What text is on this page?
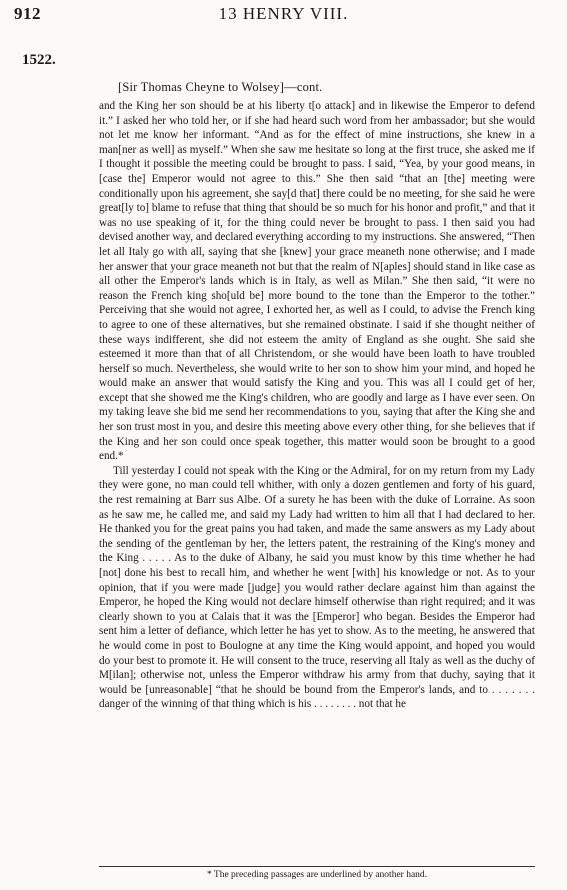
912	13 HENRY VIII.
1522.
[Sir Thomas Cheyne to Wolsey]—cont.

and the King her son should be at his liberty t[o attack] and in likewise the Emperor to defend it.” I asked her who told her, or if she had heard such word from her ambassador; but she would not let me know her informant. “And as for the effect of mine instructions, she knew in a man[ner as well] as myself.” When she saw me hesitate so long at the first truce, she asked me if I thought it possible the meeting could be brought to pass. I said, “Yea, by your good means, in [case the] Emperor would not agree to this.” She then said “that an [the] meeting were conditionally upon his agreement, she say[d that] there could be no meeting, for she said he were great[ly to] blame to refuse that thing that should be so much for his honor and profit,” and that it was no use speaking of it, for the thing could never be brought to pass. I then said you had devised another way, and declared everything according to my instructions. She answered, “Then let all Italy go with all, saying that she [knew] your grace meaneth none otherwise; and I made her answer that your grace meaneth not but that the realm of N[aples] should stand in like case as all other the Emperor's lands which is in Italy, as well as Milan.” She then said, “it were no reason the French king sho[uld be] more bound to the tone than the Emperor to the tother.” Perceiving that she would not agree, I exhorted her, as well as I could, to advise the French king to agree to one of these alternatives, but she remained obstinate. I said if she thought neither of these ways indifferent, she did not esteem the amity of England as she ought. She said she esteemed it more than that of all Christendom, or she would have been loath to have troubled herself so much. Nevertheless, she would write to her son to show him your mind, and hoped he would make an answer that would satisfy the King and you. This was all I could get of her, except that she showed me the King's children, who are goodly and large as I have ever seen. On my taking leave she bid me send her recommendations to you, saying that after the King she and her son trust most in you, and desire this meeting above every other thing, for she believes that if the King and her son could once speak together, this matter would soon be brought to a good end.*

Till yesterday I could not speak with the King or the Admiral, for on my return from my Lady they were gone, no man could tell whither, with only a dozen gentlemen and forty of his guard, the rest remaining at Barr sus Albe. Of a surety he has been with the duke of Lorraine. As soon as he saw me, he called me, and said my Lady had written to him all that I had declared to her. He thanked you for the great pains you had taken, and made the same answers as my Lady about the sending of the gentleman by her, the letters patent, the restraining of the King's money and the King . . . . . As to the duke of Albany, he said you must know by this time whether he had [not] done his best to recall him, and whether he went [with] his knowledge or not. As to your opinion, that if you were made [judge] you would rather declare against him than against the Emperor, he hoped the King would not declare himself otherwise than right required; and it was clearly shown to you at Calais that it was the [Emperor] who began. Besides the Emperor had sent him a letter of defiance, which letter he has yet to show. As to the meeting, he answered that he would come in post to Boulogne at any time the King would appoint, and hoped you would do your best to promote it. He will consent to the truce, reserving all Italy as well as the duchy of M[ilan]; otherwise not, unless the Emperor withdraw his army from that duchy, saying that it would be [unreasonable] “that he should be bound from the Emperor's lands, and to . . . . . . . danger of the winning of that thing which is his . . . . . . . . not that he

* The preceding passages are underlined by another hand.
